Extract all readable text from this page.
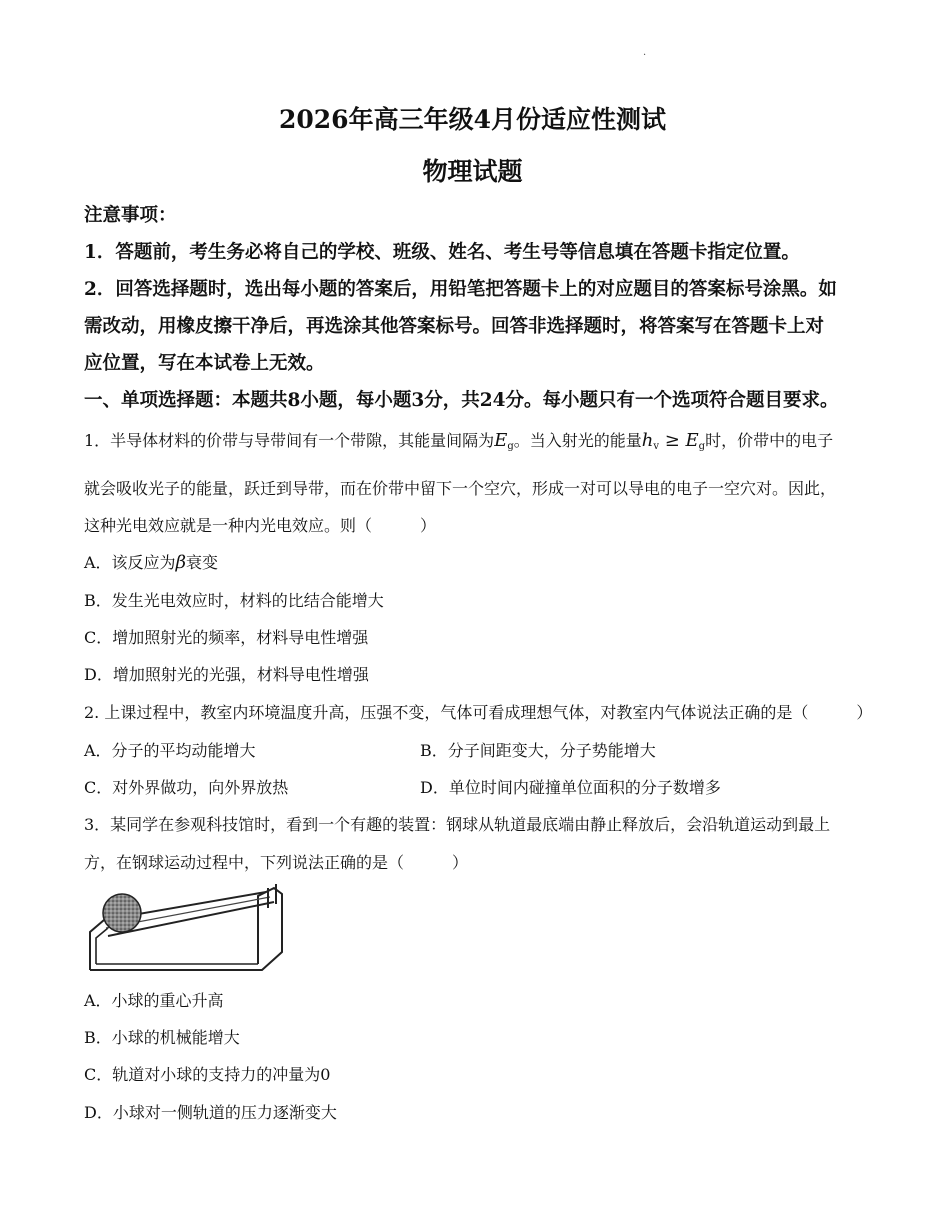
·
2026年高三年级4月份适应性测试
物理试题
注意事项：
1．答题前，考生务必将自己的学校、班级、姓名、考生号等信息填在答题卡指定位置。
2．回答选择题时，选出每小题的答案后，用铅笔把答题卡上的对应题目的答案标号涂黑。如
需改动，用橡皮擦干净后，再选涂其他答案标号。回答非选择题时，将答案写在答题卡上对
应位置，写在本试卷上无效。
一、单项选择题：本题共8小题，每小题3分，共24分。每小题只有一个选项符合题目要求。
1．半导体材料的价带与导带间有一个带隙，其能量间隔为$E_g$。当入射光的能量$h_v \ge E_g$时，价带中的电子
就会吸收光子的能量，跃迁到导带，而在价带中留下一个空穴，形成一对可以导电的电子一空穴对。因此，
这种光电效应就是一种内光电效应。则（　　　）
A．该反应为β衰变
B．发生光电效应时，材料的比结合能增大
C．增加照射光的频率，材料导电性增强
D．增加照射光的光强，材料导电性增强
2. 上课过程中，教室内环境温度升高，压强不变，气体可看成理想气体，对教室内气体说法正确的是（　　　）
A．分子的平均动能增大	B．分子间距变大，分子势能增大
C．对外界做功，向外界放热	D．单位时间内碰撞单位面积的分子数增多
3．某同学在参观科技馆时，看到一个有趣的装置：钢球从轨道最底端由静止释放后，会沿轨道运动到最上
方，在钢球运动过程中，下列说法正确的是（　　　）
A．小球的重心升高
B．小球的机械能增大
C．轨道对小球的支持力的冲量为0
D．小球对一侧轨道的压力逐渐变大
